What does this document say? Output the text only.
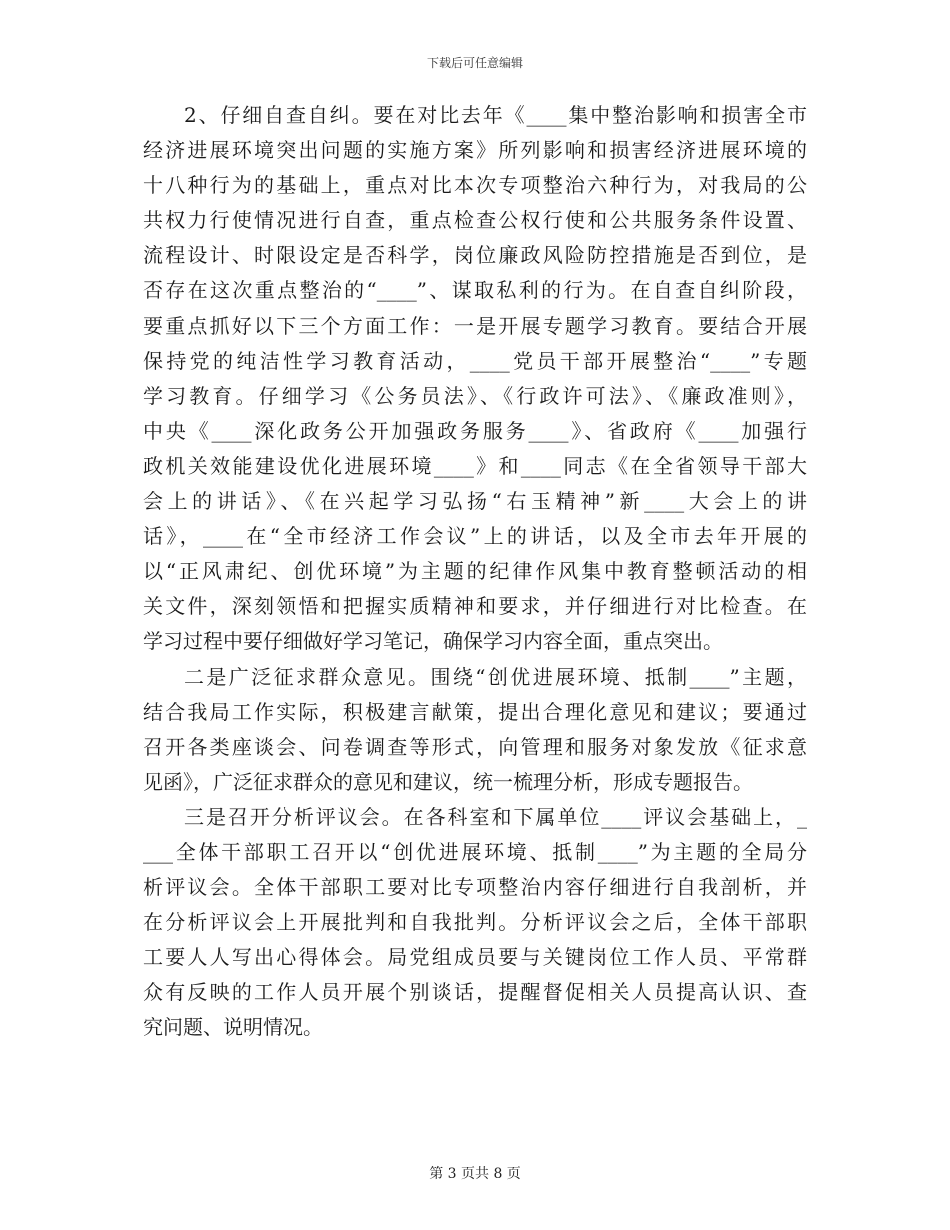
下载后可任意编辑
2、仔细自查自纠。要在对比去年《____集中整治影响和损害全市
经济进展环境突出问题的实施方案》所列影响和损害经济进展环境的
十八种行为的基础上，重点对比本次专项整治六种行为，对我局的公
共权力行使情况进行自查，重点检查公权行使和公共服务条件设置、
流程设计、时限设定是否科学，岗位廉政风险防控措施是否到位，是
否存在这次重点整治的“____”、谋取私利的行为。在自查自纠阶段，
要重点抓好以下三个方面工作：一是开展专题学习教育。要结合开展
保持党的纯洁性学习教育活动，____党员干部开展整治“____”专题
学习教育。仔细学习《公务员法》、《行政许可法》、《廉政准则》，
中央《____深化政务公开加强政务服务____》、省政府《____加强行
政机关效能建设优化进展环境____》和____同志《在全省领导干部大
会上的讲话》、《在兴起学习弘扬“右玉精神”新____大会上的讲
话》，____在“全市经济工作会议”上的讲话，以及全市去年开展的
以“正风肃纪、创优环境”为主题的纪律作风集中教育整顿活动的相
关文件，深刻领悟和把握实质精神和要求，并仔细进行对比检查。在
学习过程中要仔细做好学习笔记，确保学习内容全面，重点突出。
二是广泛征求群众意见。围绕“创优进展环境、抵制____”主题，
结合我局工作实际，积极建言献策，提出合理化意见和建议；要通过
召开各类座谈会、问卷调查等形式，向管理和服务对象发放《征求意
见函》，广泛征求群众的意见和建议，统一梳理分析，形成专题报告。
三是召开分析评议会。在各科室和下属单位____评议会基础上，_
___全体干部职工召开以“创优进展环境、抵制____”为主题的全局分
析评议会。全体干部职工要对比专项整治内容仔细进行自我剖析，并
在分析评议会上开展批判和自我批判。分析评议会之后，全体干部职
工要人人写出心得体会。局党组成员要与关键岗位工作人员、平常群
众有反映的工作人员开展个别谈话，提醒督促相关人员提高认识、查
究问题、说明情况。
第 3 页共 8 页
